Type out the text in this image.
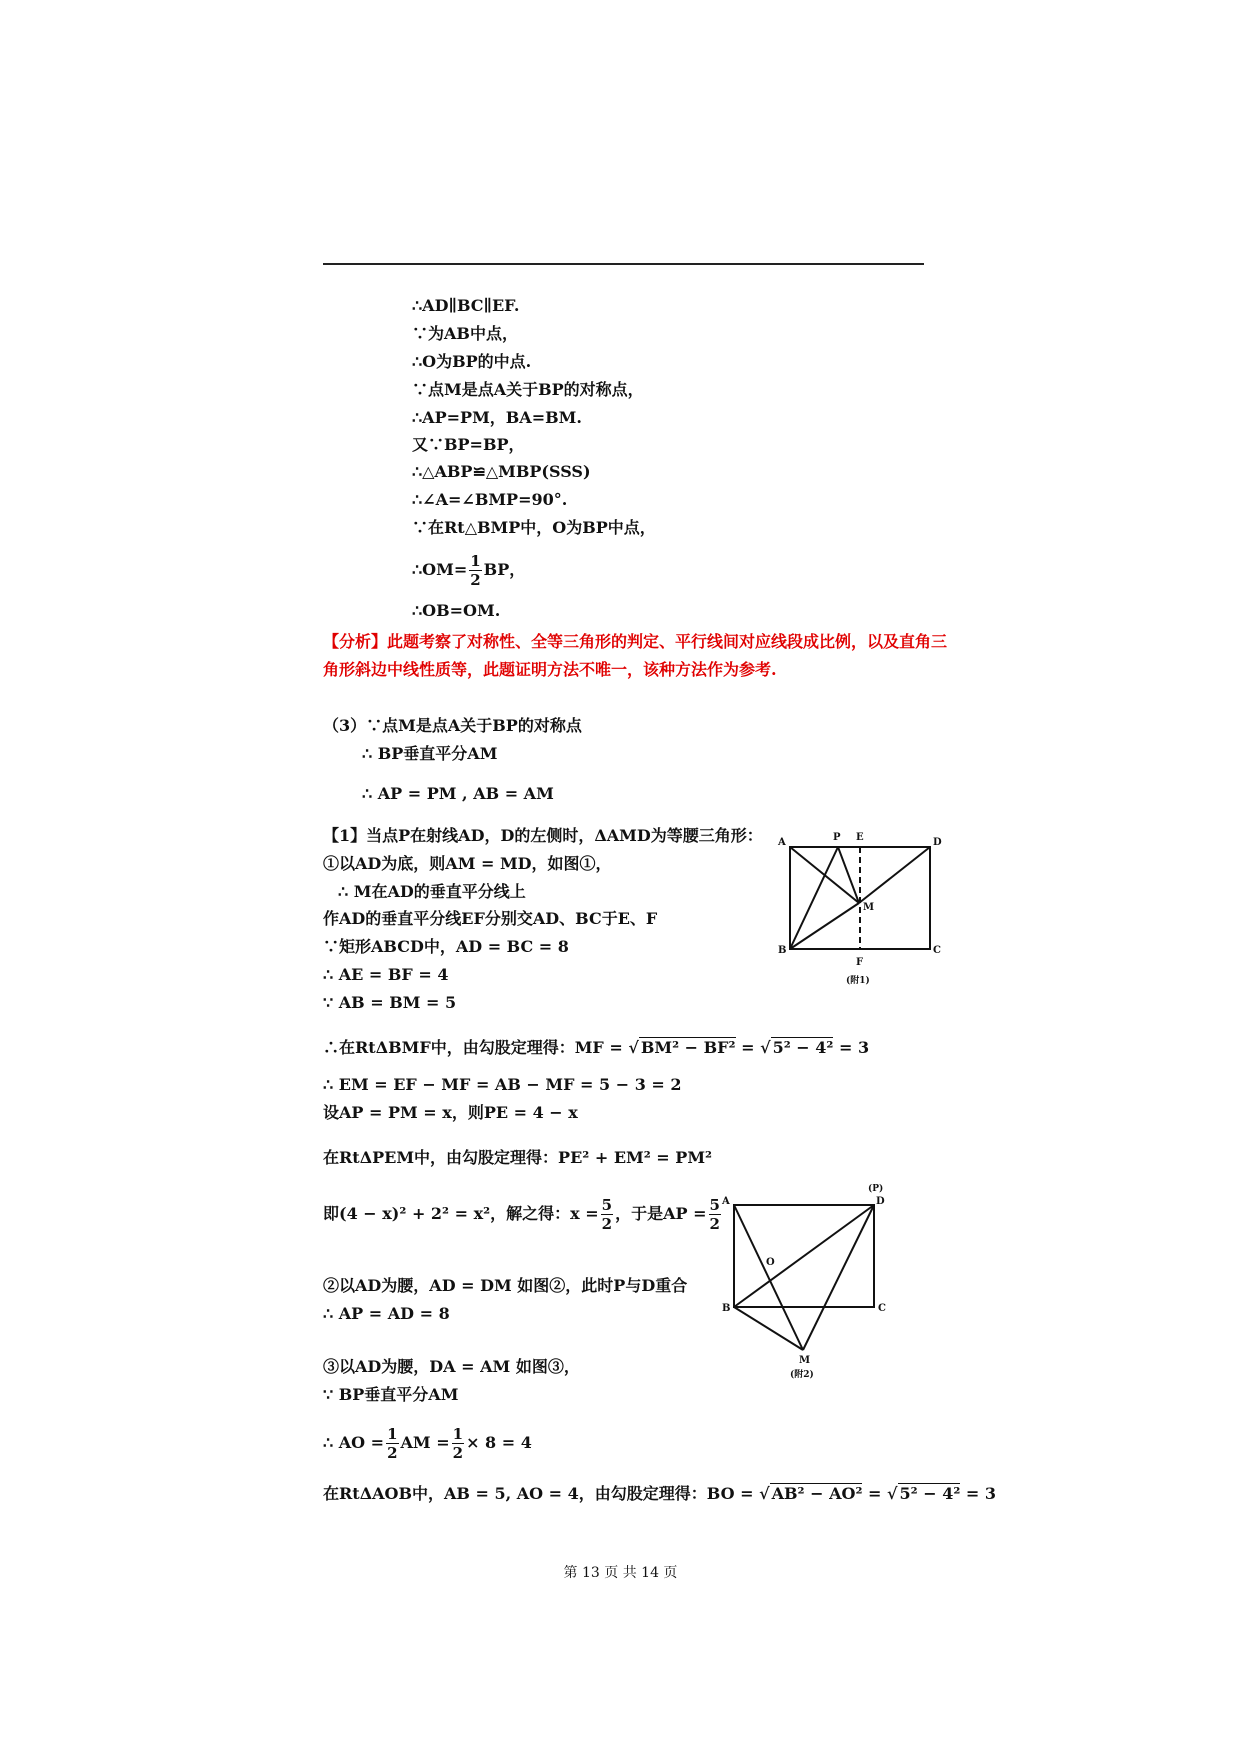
∴AD∥BC∥EF.
∵为AB中点，
∴O为BP的中点.
∵点M是点A关于BP的对称点，
∴AP=PM，BA=BM.
又∵BP=BP，
∴△ABP≌△MBP(SSS)
∴∠A=∠BMP=90°.
∵在Rt△BMP中，O为BP中点，
∴OM= $\frac{1}{2}$ BP，
∴OB=OM.
【分析】此题考察了对称性、全等三角形的判定、平行线间对应线段成比例，以及直角三
角形斜边中线性质等，此题证明方法不唯一，该种方法作为参考.
（3）∵点M是点A关于BP的对称点
∴ BP垂直平分AM
∴ AP = PM , AB = AM
【1】当点P在射线AD，D的左侧时，ΔAMD为等腰三角形：
①以AD为底，则AM = MD，如图①，
∴ M在AD的垂直平分线上
作AD的垂直平分线EF分别交AD、BC于E、F
∵矩形ABCD中，AD = BC = 8
∴ AE = BF = 4
∵ AB = BM = 5
∴在RtΔBMF中，由勾股定理得：MF = √ BM² − BF² = √ 5² − 4² = 3
∴ EM = EF − MF = AB − MF = 5 − 3 = 2
设AP = PM = x，则PE = 4 − x
在RtΔPEM中，由勾股定理得：PE² + EM² = PM²
即(4 − x)² + 2² = x²，解之得：$x = \frac{5}{2}$ ，于是AP = $\frac{5}{2}$
②以AD为腰，AD = DM 如图②，此时P与D重合
∴ AP = AD = 8
③以AD为腰，DA = AM 如图③，
∵ BP垂直平分AM
∴ AO = $\frac{1}{2}$ AM = $\frac{1}{2} \times 8 = 4$
在RtΔAOB中，AB = 5, AO = 4，由勾股定理得：BO = √ AB² − AO² = √ 5² − 4² = 3
A	P E	D
M
B
F
C
(附1)
A
(P)
D
O
B	C
M
(附2)
第 13 页 共 14 页
